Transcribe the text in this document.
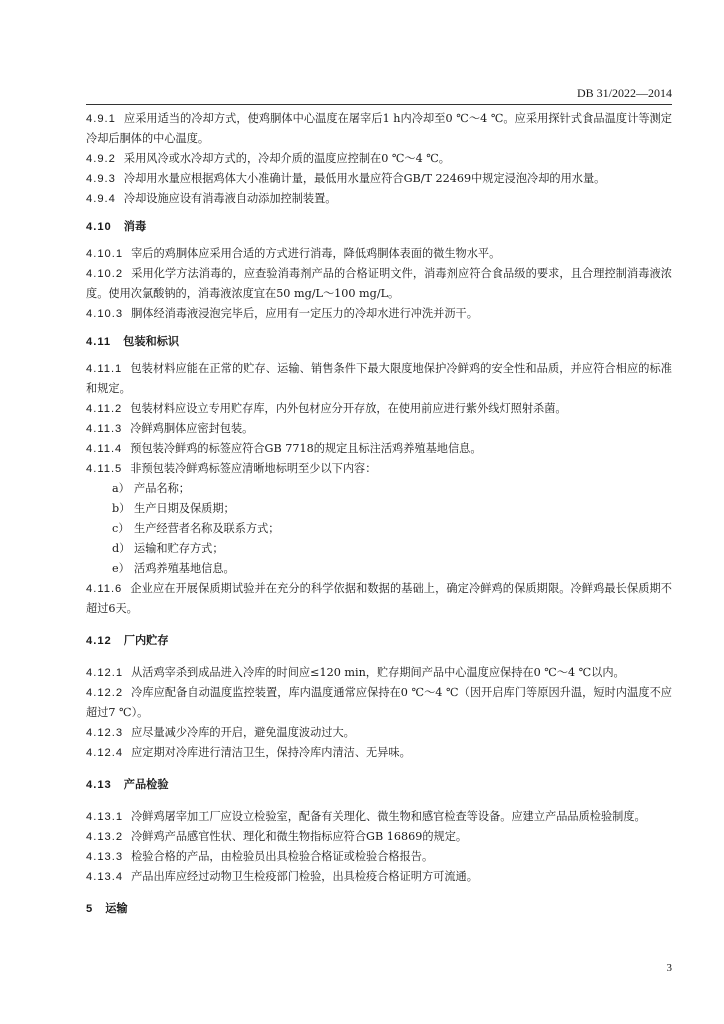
DB 31/2022—2014

4.9.1 应采用适当的冷却方式，使鸡胴体中心温度在屠宰后1 h内冷却至0 ℃～4 ℃。应采用探针式食品温度计等测定冷却后胴体的中心温度。

4.9.2 采用风冷或水冷却方式的，冷却介质的温度应控制在0 ℃～4 ℃。

4.9.3 冷却用水量应根据鸡体大小准确计量，最低用水量应符合GB/T 22469中规定浸泡冷却的用水量。

4.9.4 冷却设施应设有消毒液自动添加控制装置。

4.10 消毒

4.10.1 宰后的鸡胴体应采用合适的方式进行消毒，降低鸡胴体表面的微生物水平。

4.10.2 采用化学方法消毒的，应查验消毒剂产品的合格证明文件，消毒剂应符合食品级的要求，且合理控制消毒液浓度。使用次氯酸钠的，消毒液浓度宜在50 mg/L～100 mg/L。

4.10.3 胴体经消毒液浸泡完毕后，应用有一定压力的冷却水进行冲洗并沥干。

4.11 包装和标识

4.11.1 包装材料应能在正常的贮存、运输、销售条件下最大限度地保护冷鲜鸡的安全性和品质，并应符合相应的标准和规定。

4.11.2 包装材料应设立专用贮存库，内外包材应分开存放，在使用前应进行紫外线灯照射杀菌。

4.11.3 冷鲜鸡胴体应密封包装。

4.11.4 预包装冷鲜鸡的标签应符合GB 7718的规定且标注活鸡养殖基地信息。

4.11.5 非预包装冷鲜鸡标签应清晰地标明至少以下内容：

a） 产品名称；

b） 生产日期及保质期；

c） 生产经营者名称及联系方式；

d） 运输和贮存方式；

e） 活鸡养殖基地信息。

4.11.6 企业应在开展保质期试验并在充分的科学依据和数据的基础上，确定冷鲜鸡的保质期限。冷鲜鸡最长保质期不超过6天。

4.12 厂内贮存

4.12.1 从活鸡宰杀到成品进入冷库的时间应≤120 min，贮存期间产品中心温度应保持在0 ℃～4 ℃以内。

4.12.2 冷库应配备自动温度监控装置，库内温度通常应保持在0 ℃～4 ℃（因开启库门等原因升温，短时内温度不应超过7 ℃）。

4.12.3 应尽量减少冷库的开启，避免温度波动过大。

4.12.4 应定期对冷库进行清洁卫生，保持冷库内清洁、无异味。

4.13 产品检验

4.13.1 冷鲜鸡屠宰加工厂应设立检验室，配备有关理化、微生物和感官检查等设备。应建立产品品质检验制度。

4.13.2 冷鲜鸡产品感官性状、理化和微生物指标应符合GB 16869的规定。

4.13.3 检验合格的产品，由检验员出具检验合格证或检验合格报告。

4.13.4 产品出库应经过动物卫生检疫部门检验，出具检疫合格证明方可流通。

5 运输

3
